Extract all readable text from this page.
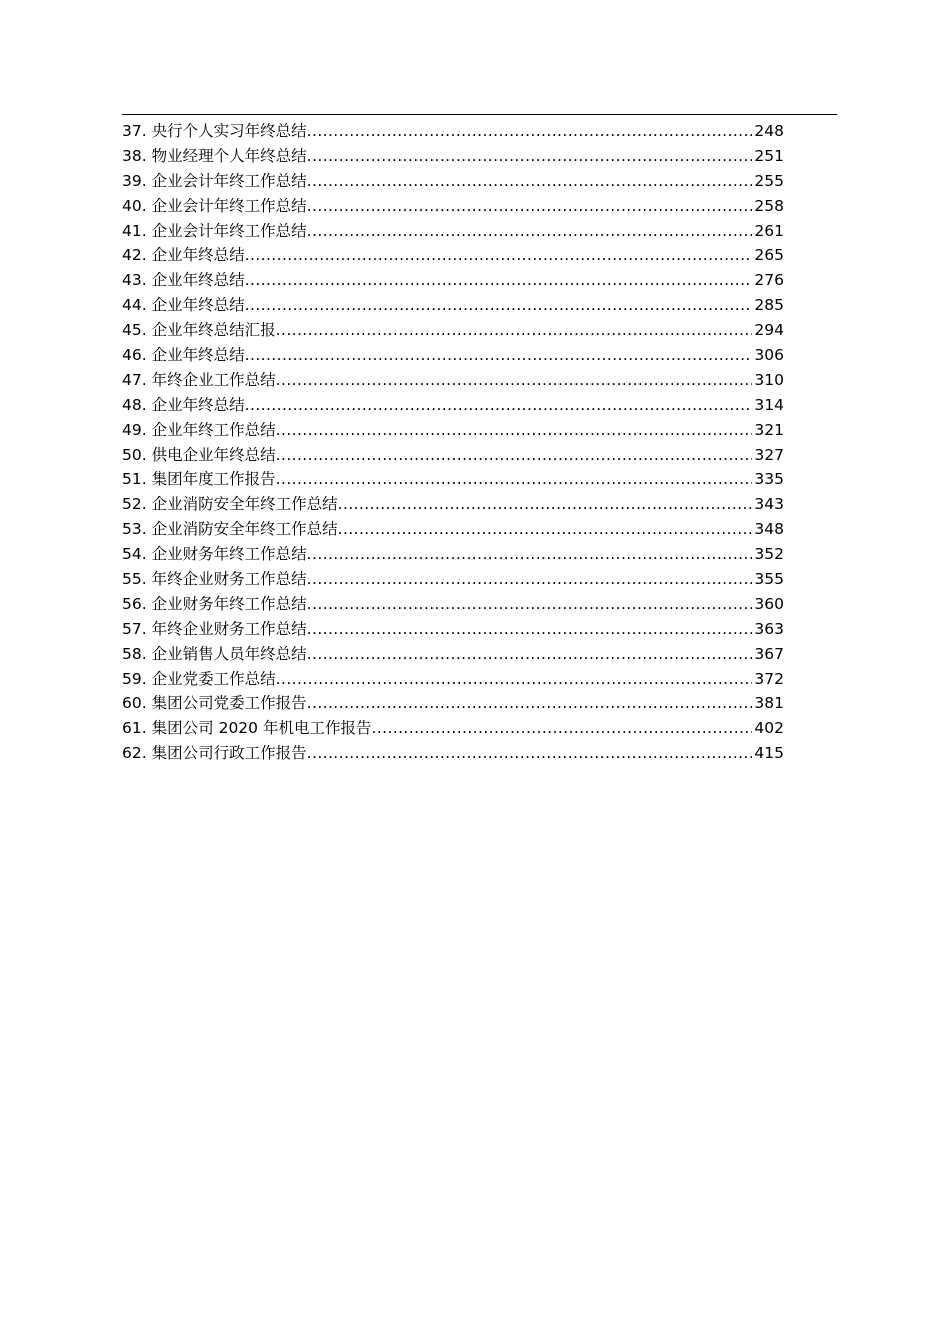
37. 央行个人实习年终总结 .....	248
38. 物业经理个人年终总结 .....	251
39. 企业会计年终工作总结 .....	255
40. 企业会计年终工作总结 .....	258
41. 企业会计年终工作总结 .....	261
42. 企业年终总结 .....	265
43. 企业年终总结 .....	276
44. 企业年终总结 .....	285
45. 企业年终总结汇报 .....	294
46. 企业年终总结 .....	306
47. 年终企业工作总结 .....	310
48. 企业年终总结 .....	314
49. 企业年终工作总结 .....	321
50. 供电企业年终总结 .....	327
51. 集团年度工作报告 .....	335
52. 企业消防安全年终工作总结 .....	343
53. 企业消防安全年终工作总结 .....	348
54. 企业财务年终工作总结 .....	352
55. 年终企业财务工作总结 .....	355
56. 企业财务年终工作总结 .....	360
57. 年终企业财务工作总结 .....	363
58. 企业销售人员年终总结 .....	367
59. 企业党委工作总结 .....	372
60. 集团公司党委工作报告 .....	381
61. 集团公司 2020 年机电工作报告 .....	402
62. 集团公司行政工作报告 .....	415
